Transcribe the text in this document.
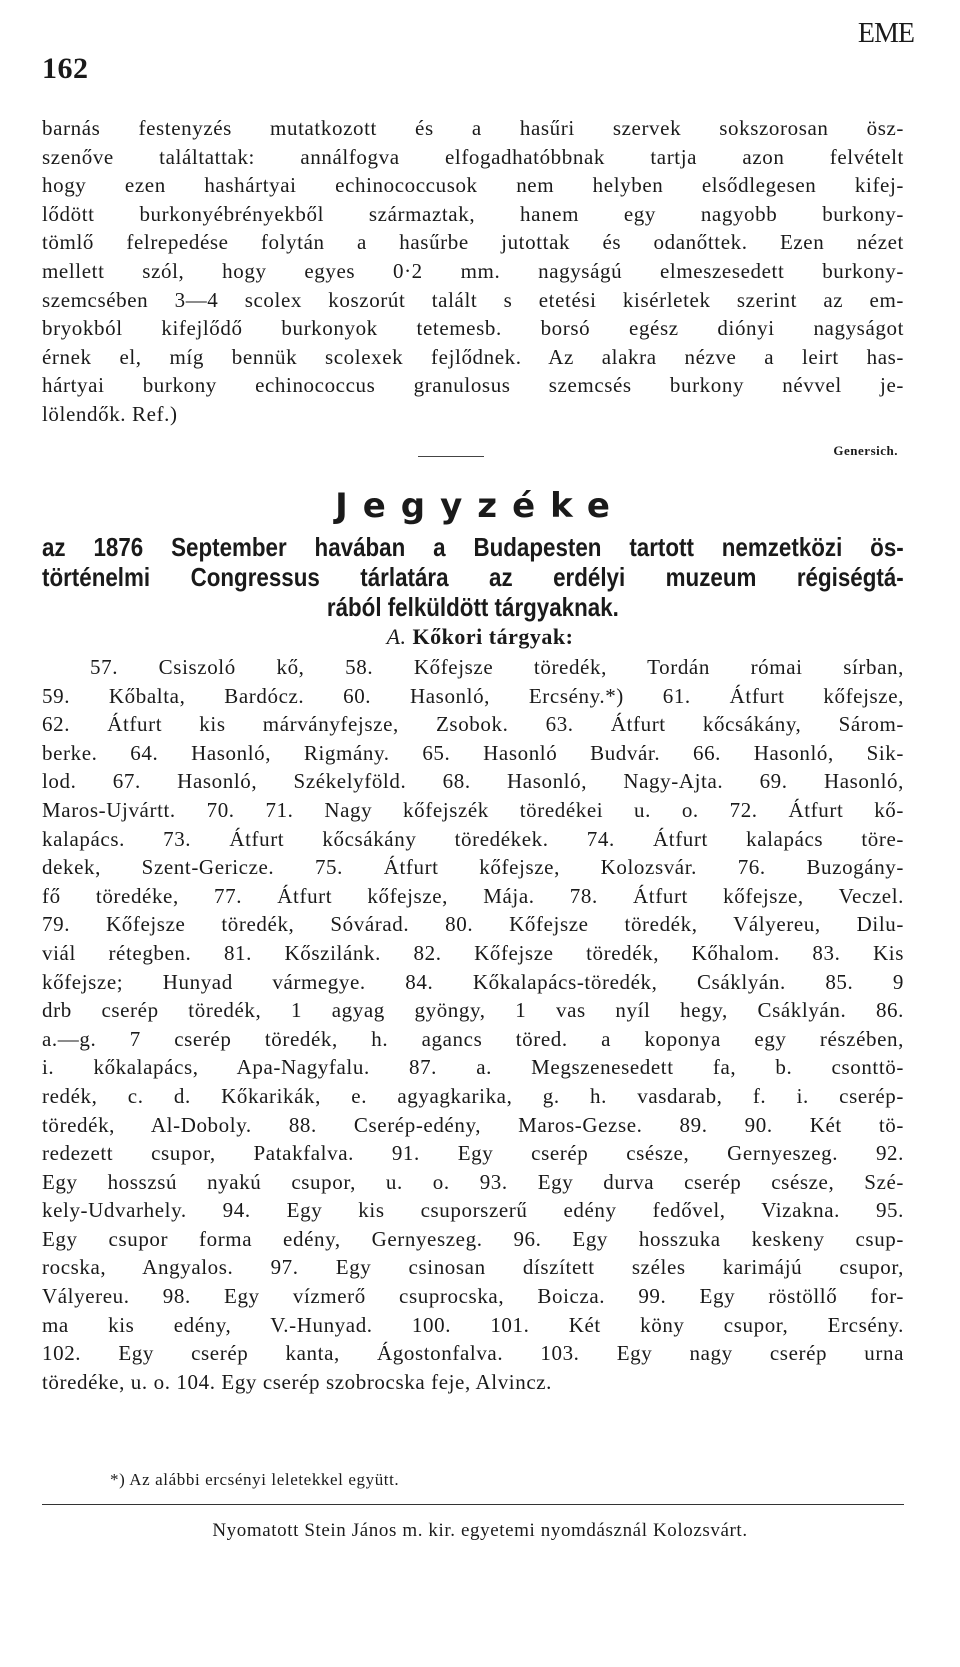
162
EME
barnás festenyzés mutatkozott és a hasűri szervek sokszorosan ösz-
szenőve találtattak: annálfogva elfogadhatóbbnak tartja azon felvételt
hogy ezen hashártyai echinococcusok nem helyben elsődlegesen kifej-
lődött burkonyébrényekből származtak, hanem egy nagyobb burkony-
tömlő felrepedése folytán a hasűrbe jutottak és odanőttek. Ezen nézet
mellett szól, hogy egyes 0·2 mm. nagyságú elmeszesedett burkony-
szemcsében 3—4 scolex koszorút talált s etetési kisérletek szerint az em-
bryokból kifejlődő burkonyok tetemesb. borsó egész diónyi nagyságot
érnek el, míg bennük scolexek fejlődnek. Az alakra nézve a leirt has-
hártyai burkony echinococcus granulosus szemcsés burkony névvel je-
lölendők. Ref.)
Genersich.
Jegyzéke
az 1876 September havában a Budapesten tartott nemzetközi ös-
történelmi Congressus tárlatára az erdélyi muzeum régiségtá-
rából felküldött tárgyaknak.
A. Kőkori tárgyak:
57. Csiszoló kő, 58. Kőfejsze töredék, Tordán római sírban,
59. Kőbalta, Bardócz. 60. Hasonló, Ercsény.*) 61. Átfurt kőfejsze,
62. Átfurt kis márványfejsze, Zsobok. 63. Átfurt kőcsákány, Sárom-
berke. 64. Hasonló, Rigmány. 65. Hasonló Budvár. 66. Hasonló, Sik-
lod. 67. Hasonló, Székelyföld. 68. Hasonló, Nagy-Ajta. 69. Hasonló,
Maros-Ujvártt. 70. 71. Nagy kőfejszék töredékei u. o. 72. Átfurt kő-
kalapács. 73. Átfurt kőcsákány töredékek. 74. Átfurt kalapács töre-
dekek, Szent-Gericze. 75. Átfurt kőfejsze, Kolozsvár. 76. Buzogány-
fő töredéke, 77. Átfurt kőfejsze, Mája. 78. Átfurt kőfejsze, Veczel.
79. Kőfejsze töredék, Sóvárad. 80. Kőfejsze töredék, Vályereu, Dilu-
viál rétegben. 81. Kőszilánk. 82. Kőfejsze töredék, Kőhalom. 83. Kis
kőfejsze; Hunyad vármegye. 84. Kőkalapács-töredék, Csáklyán. 85. 9
drb cserép töredék, 1 agyag gyöngy, 1 vas nyíl hegy, Csáklyán. 86.
a.—g. 7 cserép töredék, h. agancs töred. a koponya egy részében,
i. kőkalapács, Apa-Nagyfalu. 87. a. Megszenesedett fa, b. csonttö-
redék, c. d. Kőkarikák, e. agyagkarika, g. h. vasdarab, f. i. cserép-
töredék, Al-Doboly. 88. Cserép-edény, Maros-Gezse. 89. 90. Két tö-
redezett csupor, Patakfalva. 91. Egy cserép csésze, Gernyeszeg. 92.
Egy hosszsú nyakú csupor, u. o. 93. Egy durva cserép csésze, Szé-
kely-Udvarhely. 94. Egy kis csuporszerű edény fedővel, Vizakna. 95.
Egy csupor forma edény, Gernyeszeg. 96. Egy hosszuka keskeny csup-
rocska, Angyalos. 97. Egy csinosan díszített széles karimájú csupor,
Vályereu. 98. Egy vízmerő csuprocska, Boicza. 99. Egy röstöllő for-
ma kis edény, V.-Hunyad. 100. 101. Két köny csupor, Ercsény.
102. Egy cserép kanta, Ágostonfalva. 103. Egy nagy cserép urna
töredéke, u. o. 104. Egy cserép szobrocska feje, Alvincz.
*) Az alábbi ercsényi leletekkel együtt.
Nyomatott Stein János m. kir. egyetemi nyomdásznál Kolozsvárt.
